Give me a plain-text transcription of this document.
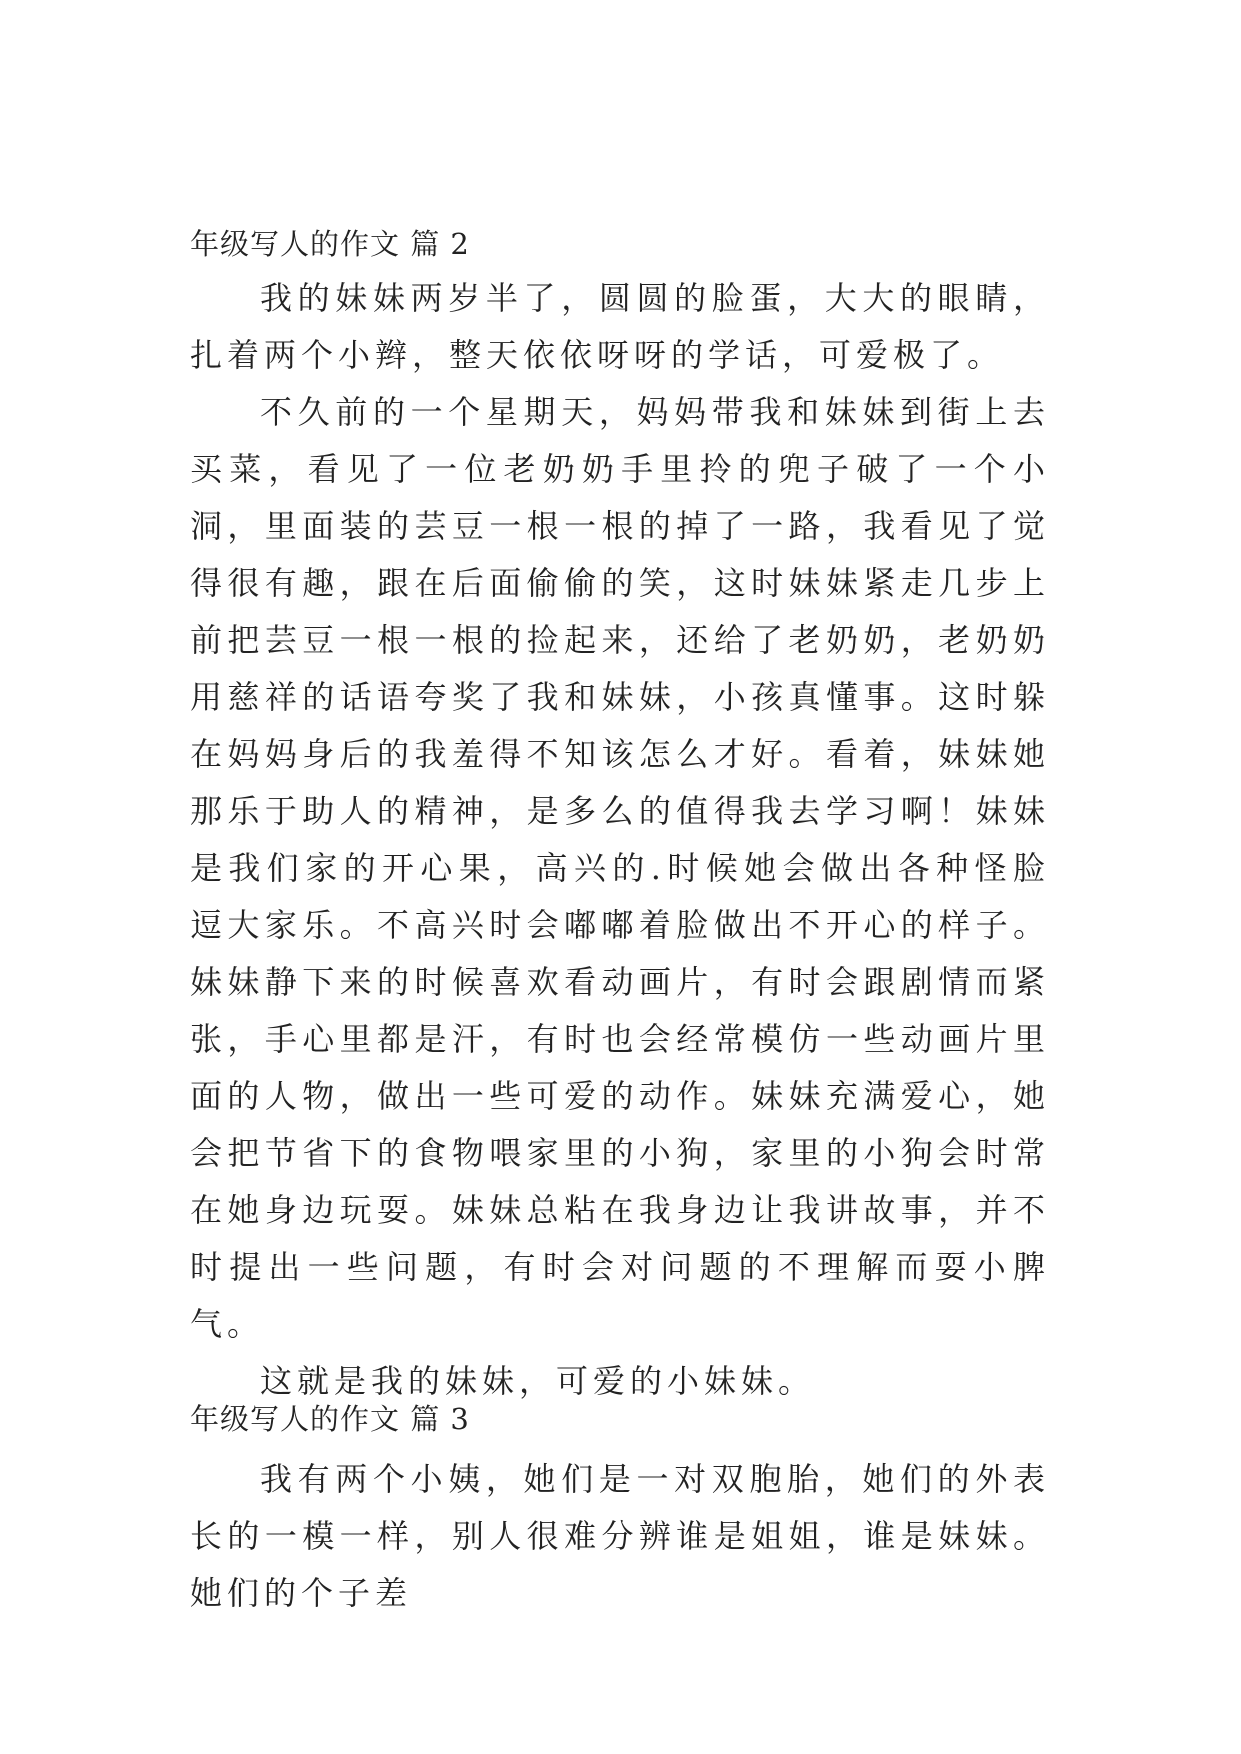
年级写人的作文 篇 2

我的妹妹两岁半了，圆圆的脸蛋，大大的眼睛，扎着两个小辫，整天依依呀呀的学话，可爱极了。

不久前的一个星期天，妈妈带我和妹妹到街上去买菜，看见了一位老奶奶手里拎的兜子破了一个小洞，里面装的芸豆一根一根的掉了一路，我看见了觉得很有趣，跟在后面偷偷的笑，这时妹妹紧走几步上前把芸豆一根一根的捡起来，还给了老奶奶，老奶奶用慈祥的话语夸奖了我和妹妹，小孩真懂事。这时躲在妈妈身后的我羞得不知该怎么才好。看着，妹妹她那乐于助人的精神，是多么的值得我去学习啊！妹妹是我们家的开心果，高兴的.时候她会做出各种怪脸逗大家乐。不高兴时会嘟嘟着脸做出不开心的样子。妹妹静下来的时候喜欢看动画片，有时会跟剧情而紧张，手心里都是汗，有时也会经常模仿一些动画片里面的人物，做出一些可爱的动作。妹妹充满爱心，她会把节省下的食物喂家里的小狗，家里的小狗会时常在她身边玩耍。妹妹总粘在我身边让我讲故事，并不时提出一些问题，有时会对问题的不理解而耍小脾气。

这就是我的妹妹，可爱的小妹妹。

年级写人的作文 篇 3

我有两个小姨，她们是一对双胞胎，她们的外表长的一模一样，别人很难分辨谁是姐姐，谁是妹妹。她们的个子差
